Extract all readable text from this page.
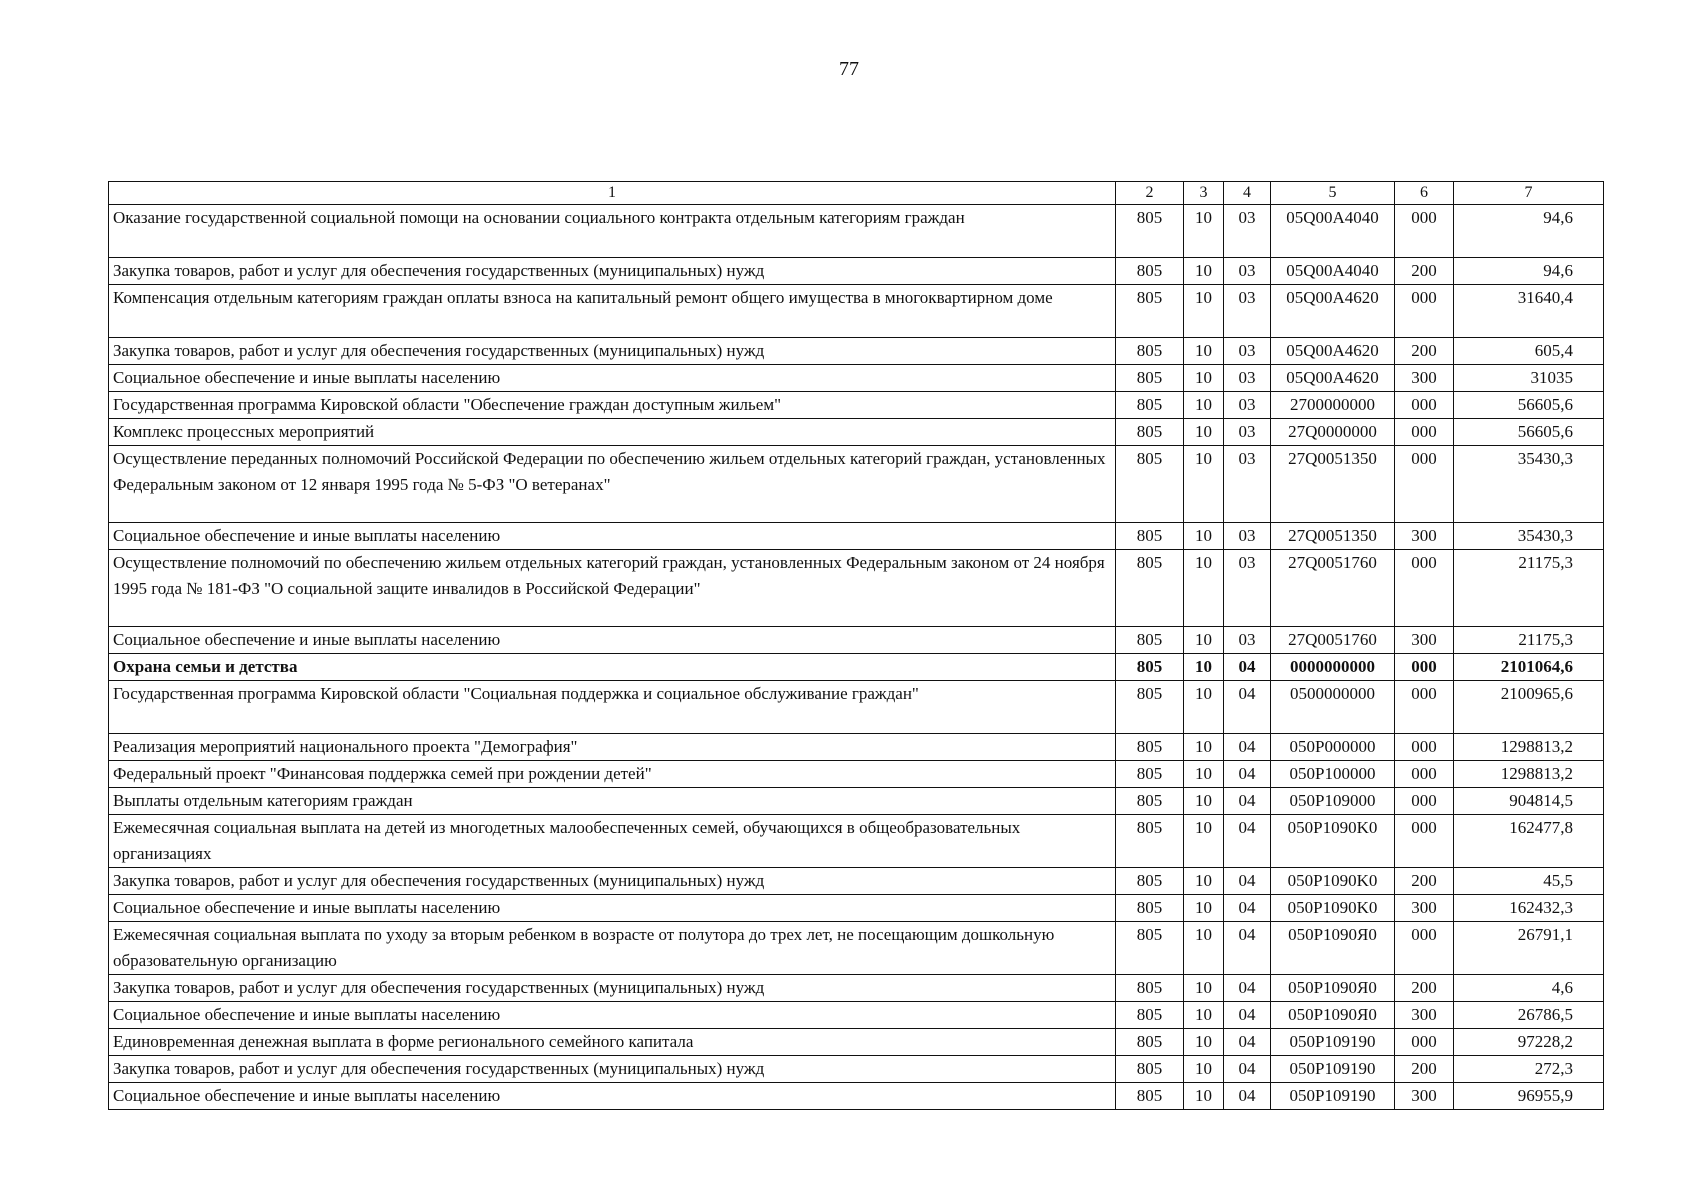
77
1	2	3	4	5	6	7
Оказание государственной социальной помощи на основании социального контракта отдельным категориям граждан	805	10	03	05Q00A4040	000	94,6
Закупка товаров, работ и услуг для обеспечения государственных (муниципальных) нужд	805	10	03	05Q00A4040	200	94,6
Компенсация отдельным категориям граждан оплаты взноса на капитальный ремонт общего имущества в многоквартирном доме	805	10	03	05Q00A4620	000	31640,4
Закупка товаров, работ и услуг для обеспечения государственных (муниципальных) нужд	805	10	03	05Q00A4620	200	605,4
Социальное обеспечение и иные выплаты населению	805	10	03	05Q00A4620	300	31035
Государственная программа Кировской области "Обеспечение граждан доступным жильем"	805	10	03	2700000000	000	56605,6
Комплекс процессных мероприятий	805	10	03	27Q0000000	000	56605,6
Осуществление переданных полномочий Российской Федерации по обеспечению жильем отдельных категорий граждан, установленных Федеральным законом от 12 января 1995 года № 5-ФЗ "О ветеранах"	805	10	03	27Q0051350	000	35430,3
Социальное обеспечение и иные выплаты населению	805	10	03	27Q0051350	300	35430,3
Осуществление полномочий по обеспечению жильем отдельных категорий граждан, установленных Федеральным законом от 24 ноября 1995 года № 181-ФЗ "О социальной защите инвалидов в Российской Федерации"	805	10	03	27Q0051760	000	21175,3
Социальное обеспечение и иные выплаты населению	805	10	03	27Q0051760	300	21175,3
Охрана семьи и детства	805	10	04	0000000000	000	2101064,6
Государственная программа Кировской области "Социальная поддержка и социальное обслуживание граждан"	805	10	04	0500000000	000	2100965,6
Реализация мероприятий национального проекта "Демография"	805	10	04	050P000000	000	1298813,2
Федеральный проект "Финансовая поддержка семей при рождении детей"	805	10	04	050P100000	000	1298813,2
Выплаты отдельным категориям граждан	805	10	04	050P109000	000	904814,5
Ежемесячная социальная выплата на детей из многодетных малообеспеченных семей, обучающихся в общеобразовательных организациях	805	10	04	050P1090K0	000	162477,8
Закупка товаров, работ и услуг для обеспечения государственных (муниципальных) нужд	805	10	04	050P1090K0	200	45,5
Социальное обеспечение и иные выплаты населению	805	10	04	050P1090K0	300	162432,3
Ежемесячная социальная выплата по уходу за вторым ребенком в возрасте от полутора до трех лет, не посещающим дошкольную образовательную организацию	805	10	04	050P1090Я0	000	26791,1
Закупка товаров, работ и услуг для обеспечения государственных (муниципальных) нужд	805	10	04	050P1090Я0	200	4,6
Социальное обеспечение и иные выплаты населению	805	10	04	050P1090Я0	300	26786,5
Единовременная денежная выплата в форме регионального семейного капитала	805	10	04	050P109190	000	97228,2
Закупка товаров, работ и услуг для обеспечения государственных (муниципальных) нужд	805	10	04	050P109190	200	272,3
Социальное обеспечение и иные выплаты населению	805	10	04	050P109190	300	96955,9
